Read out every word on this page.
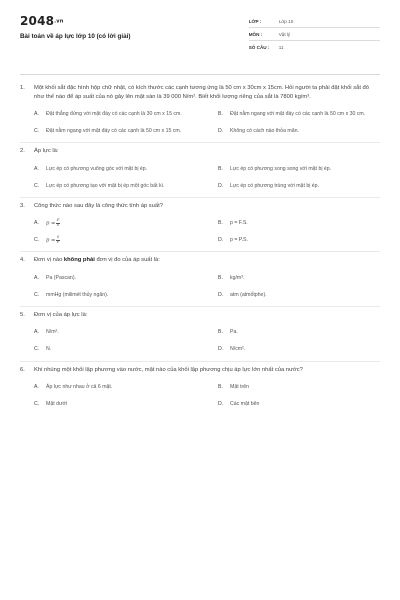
2048.vn
Bài toán về áp lực lớp 10 (có lời giải)
LỚP :	Lớp 10
MÔN :	Vật lý
SỐ CÂU :	11
1.	Một khối sắt đặc hình hộp chữ nhật, có kích thước các cạnh tương ứng là 50 cm x 30cm x 15cm. Hỏi người ta phải đặt khối sắt đó như thế nào để áp suất của nó gây lên mặt sàn là 39 000 N/m². Biết khối lượng riêng của sắt là 7800 kg/m³.
A.	Đặt thẳng đứng với mặt đáy có các cạnh là 30 cm x 15 cm.	B.	Đặt nằm ngang với mặt đáy có các cạnh là 50 cm x 30 cm.
C.	Đặt nằm ngang với mặt đáy có các cạnh là 50 cm x 15 cm.	D.	Không có cách nào thỏa mãn.
2.	Áp lực là:
A.	Lực ép có phương vuông góc với mặt bị ép.	B.	Lực ép có phương song song với mặt bị ép.
C.	Lực ép có phương tạo với mặt bị ép một góc bất kì.	D.	Lực ép có phương trùng với mặt bị ép.
3.	Công thức nào sau đây là công thức tính áp suất?
A.	$p = \frac{F}{S}$	B.	p = F.S.
C.	$p = \frac{S}{F}$	D.	p = P.S.
4.	Đơn vị nào không phải đơn vị đo của áp suất là:
A.	Pa (Pascan).	B.	kg/m³.
C.	mmHg (milimét thủy ngân).	D.	atm (atmốtphe).
5.	Đơn vị của áp lực là:
A.	N/m².	B.	Pa.
C.	N.	D.	N/cm².
6.	Khi nhúng một khối lập phương vào nước, mặt nào của khối lập phương chịu áp lực lớn nhất của nước?
A.	Áp lực như nhau ở cả 6 mặt.	B.	Mặt trên
C.	Mặt dưới	D.	Các mặt bên
